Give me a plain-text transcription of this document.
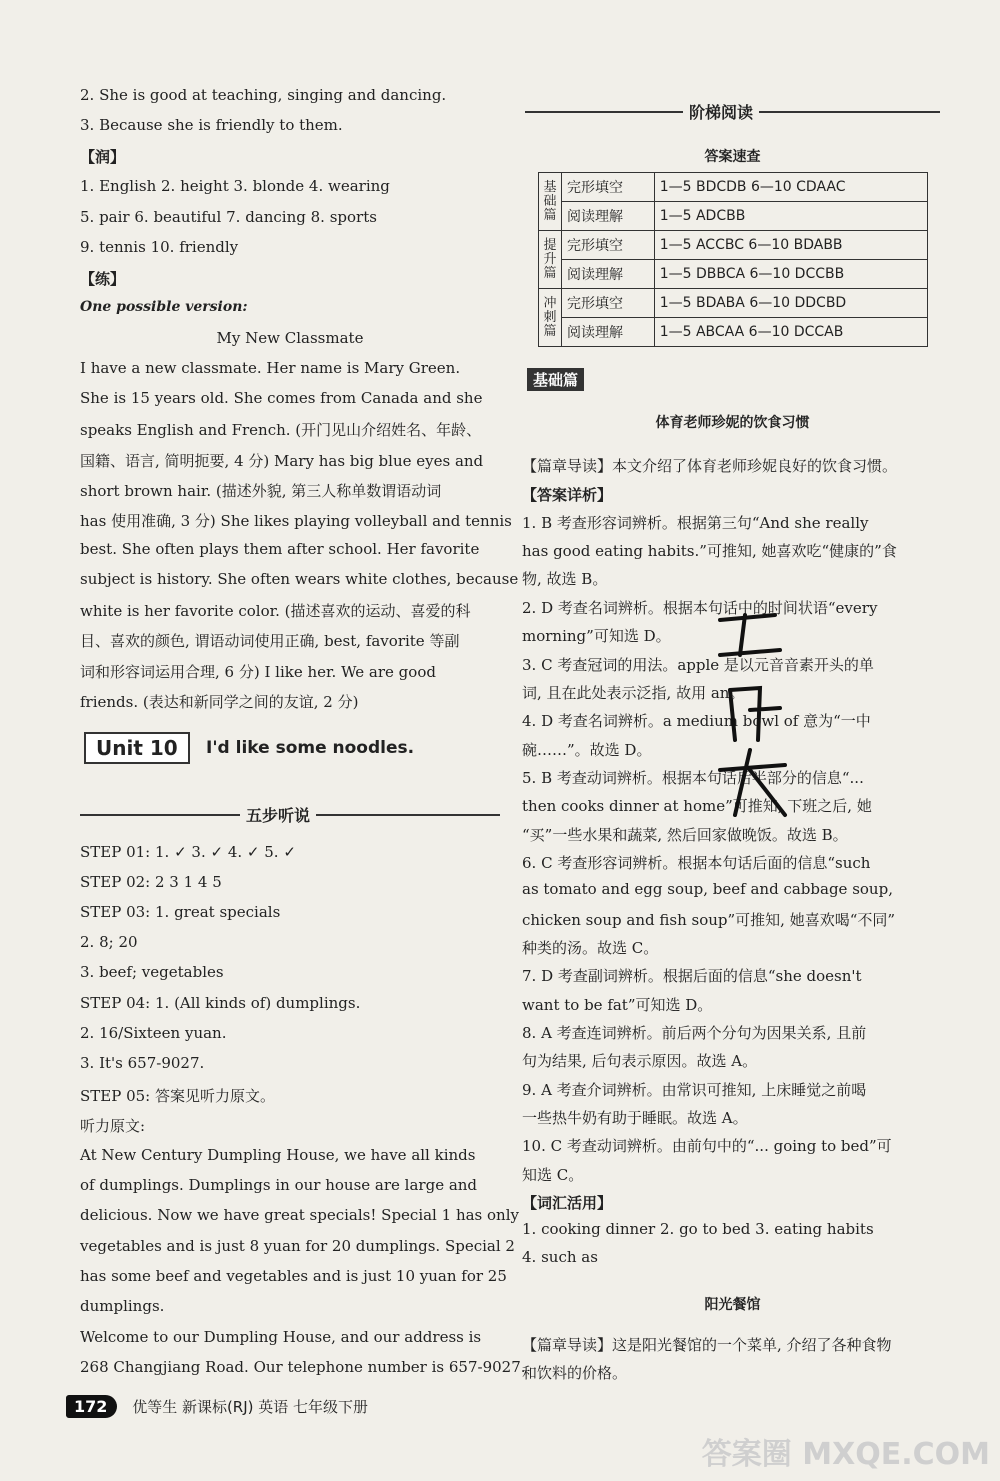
2. She is good at teaching, singing and dancing.
3. Because she is friendly to them.
【润】
1. English 2. height 3. blonde 4. wearing
5. pair 6. beautiful 7. dancing 8. sports
9. tennis 10. friendly
【练】
One possible version:
My New Classmate
I have a new classmate. Her name is Mary Green.
She is 15 years old. She comes from Canada and she
speaks English and French. (开门见山介绍姓名、年龄、
国籍、语言, 简明扼要, 4 分) Mary has big blue eyes and
short brown hair. (描述外貌, 第三人称单数谓语动词
has 使用准确, 3 分) She likes playing volleyball and tennis
best. She often plays them after school. Her favorite
subject is history. She often wears white clothes, because
white is her favorite color. (描述喜欢的运动、喜爱的科
目、喜欢的颜色, 谓语动词使用正确, best, favorite 等副
词和形容词运用合理, 6 分) I like her. We are good
friends. (表达和新同学之间的友谊, 2 分)
Unit 10	I'd like some noodles.
五步听说
STEP 01: 1. ✓ 3. ✓ 4. ✓ 5. ✓
STEP 02: 2 3 1 4 5
STEP 03: 1. great specials
2. 8; 20
3. beef; vegetables
STEP 04: 1. (All kinds of) dumplings.
2. 16/Sixteen yuan.
3. It's 657-9027.
STEP 05: 答案见听力原文。
听力原文:
At New Century Dumpling House, we have all kinds
of dumplings. Dumplings in our house are large and
delicious. Now we have great specials! Special 1 has only
vegetables and is just 8 yuan for 20 dumplings. Special 2
has some beef and vegetables and is just 10 yuan for 25
dumplings.
Welcome to our Dumpling House, and our address is
268 Changjiang Road. Our telephone number is 657-9027.
阶梯阅读
答案速查
基础篇	完形填空	1—5 BDCDB 6—10 CDAAC
	阅读理解	1—5 ADCBB
提升篇	完形填空	1—5 ACCBC 6—10 BDABB
	阅读理解	1—5 DBBCA 6—10 DCCBB
冲刺篇	完形填空	1—5 BDABA 6—10 DDCBD
	阅读理解	1—5 ABCAA 6—10 DCCAB
基础篇
体育老师珍妮的饮食习惯
【篇章导读】本文介绍了体育老师珍妮良好的饮食习惯。
【答案详析】
1. B 考查形容词辨析。根据第三句“And she really
has good eating habits.”可推知, 她喜欢吃“健康的”食
物, 故选 B。
2. D 考查名词辨析。根据本句话中的时间状语“every
morning”可知选 D。
3. C 考查冠词的用法。apple 是以元音音素开头的单
词, 且在此处表示泛指, 故用 an。
4. D 考查名词辨析。a medium bowl of 意为“一中
碗……”。故选 D。
5. B 考查动词辨析。根据本句话后半部分的信息“...
then cooks dinner at home”可推知, 下班之后, 她
“买”一些水果和蔬菜, 然后回家做晚饭。故选 B。
6. C 考查形容词辨析。根据本句话后面的信息“such
as tomato and egg soup, beef and cabbage soup,
chicken soup and fish soup”可推知, 她喜欢喝“不同”
种类的汤。故选 C。
7. D 考查副词辨析。根据后面的信息“she doesn't
want to be fat”可知选 D。
8. A 考查连词辨析。前后两个分句为因果关系, 且前
句为结果, 后句表示原因。故选 A。
9. A 考查介词辨析。由常识可推知, 上床睡觉之前喝
一些热牛奶有助于睡眠。故选 A。
10. C 考查动词辨析。由前句中的“... going to bed”可
知选 C。
【词汇活用】
1. cooking dinner 2. go to bed 3. eating habits
4. such as
阳光餐馆
【篇章导读】这是阳光餐馆的一个菜单, 介绍了各种食物
和饮料的价格。
172 优等生 新课标(RJ) 英语 七年级下册
答案圈 MXQE.COM
